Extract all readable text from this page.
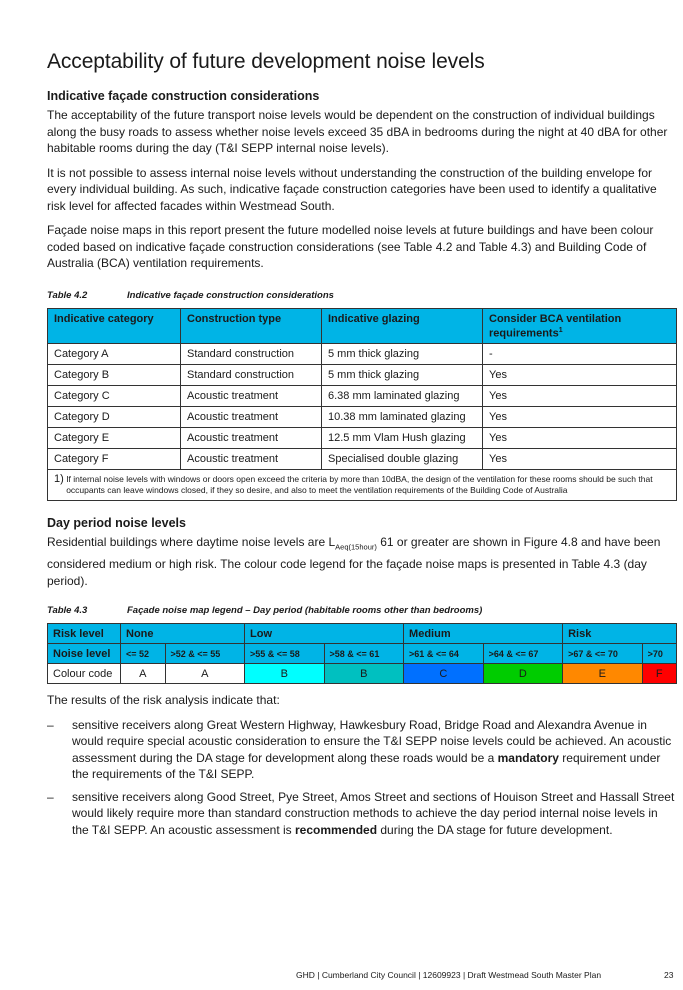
Acceptability of future development noise levels
Indicative façade construction considerations

The acceptability of the future transport noise levels would be dependent on the construction of individual buildings along the busy roads to assess whether noise levels exceed 35 dBA in bedrooms during the night at 40 dBA for other habitable rooms during the day (T&I SEPP internal noise levels).

It is not possible to assess internal noise levels without understanding the construction of the building envelope for every individual building. As such, indicative façade construction categories have been used to identify a qualitative risk level for affected facades within Westmead South.

Façade noise maps in this report present the future modelled noise levels at future buildings and have been colour coded based on indicative façade construction considerations (see Table 4.2 and Table 4.3) and Building Code of Australia (BCA) ventilation requirements.

Table 4.2	Indicative façade construction considerations
Indicative category	Construction type	Indicative glazing	Consider BCA ventilation requirements$^1$
Category A	Standard construction	5 mm thick glazing	-
Category B	Standard construction	5 mm thick glazing	Yes
Category C	Acoustic treatment	6.38 mm laminated glazing	Yes
Category D	Acoustic treatment	10.38 mm laminated glazing	Yes
Category E	Acoustic treatment	12.5 mm Vlam Hush glazing	Yes
Category F	Acoustic treatment	Specialised double glazing	Yes

1) If internal noise levels with windows or doors open exceed the criteria by more than 10dBA, the design of the ventilation for these rooms should be such that occupants can leave windows closed, if they so desire, and also to meet the ventilation requirements of the Building Code of Australia			
Day period noise levels

Residential buildings where daytime noise levels are $L_{Aeq(15hour)}$ 61 or greater are shown in Figure 4.8 and have been considered medium or high risk. The colour code legend for the façade noise maps is presented in Table 4.3 (day period).

Table 4.3	Façade noise map legend – Day period (habitable rooms other than bedrooms)
Risk level	None		Low		Medium		Risk	
Noise level	<= 52	>52 & <= 55	>55 & <= 58	>58 & <= 61	>61 & <= 64	>64 & <= 67	>67 & <= 70	>70
Colour code	A	A	B	B	C	D	E	F

The results of the risk analysis indicate that:

– sensitive receivers along Great Western Highway, Hawkesbury Road, Bridge Road and Alexandra Avenue in would require special acoustic consideration to ensure the T&I SEPP noise levels could be achieved. An acoustic assessment during the DA stage for development along these roads would be a mandatory requirement under the requirements of the T&I SEPP.
– sensitive receivers along Good Street, Pye Street, Amos Street and sections of Houison Street and Hassall Street would likely require more than standard construction methods to achieve the day period internal noise levels in the T&I SEPP. An acoustic assessment is recommended during the DA stage for future development.
GHD | Cumberland City Council | 12609923 | Draft Westmead South Master Plan	23
